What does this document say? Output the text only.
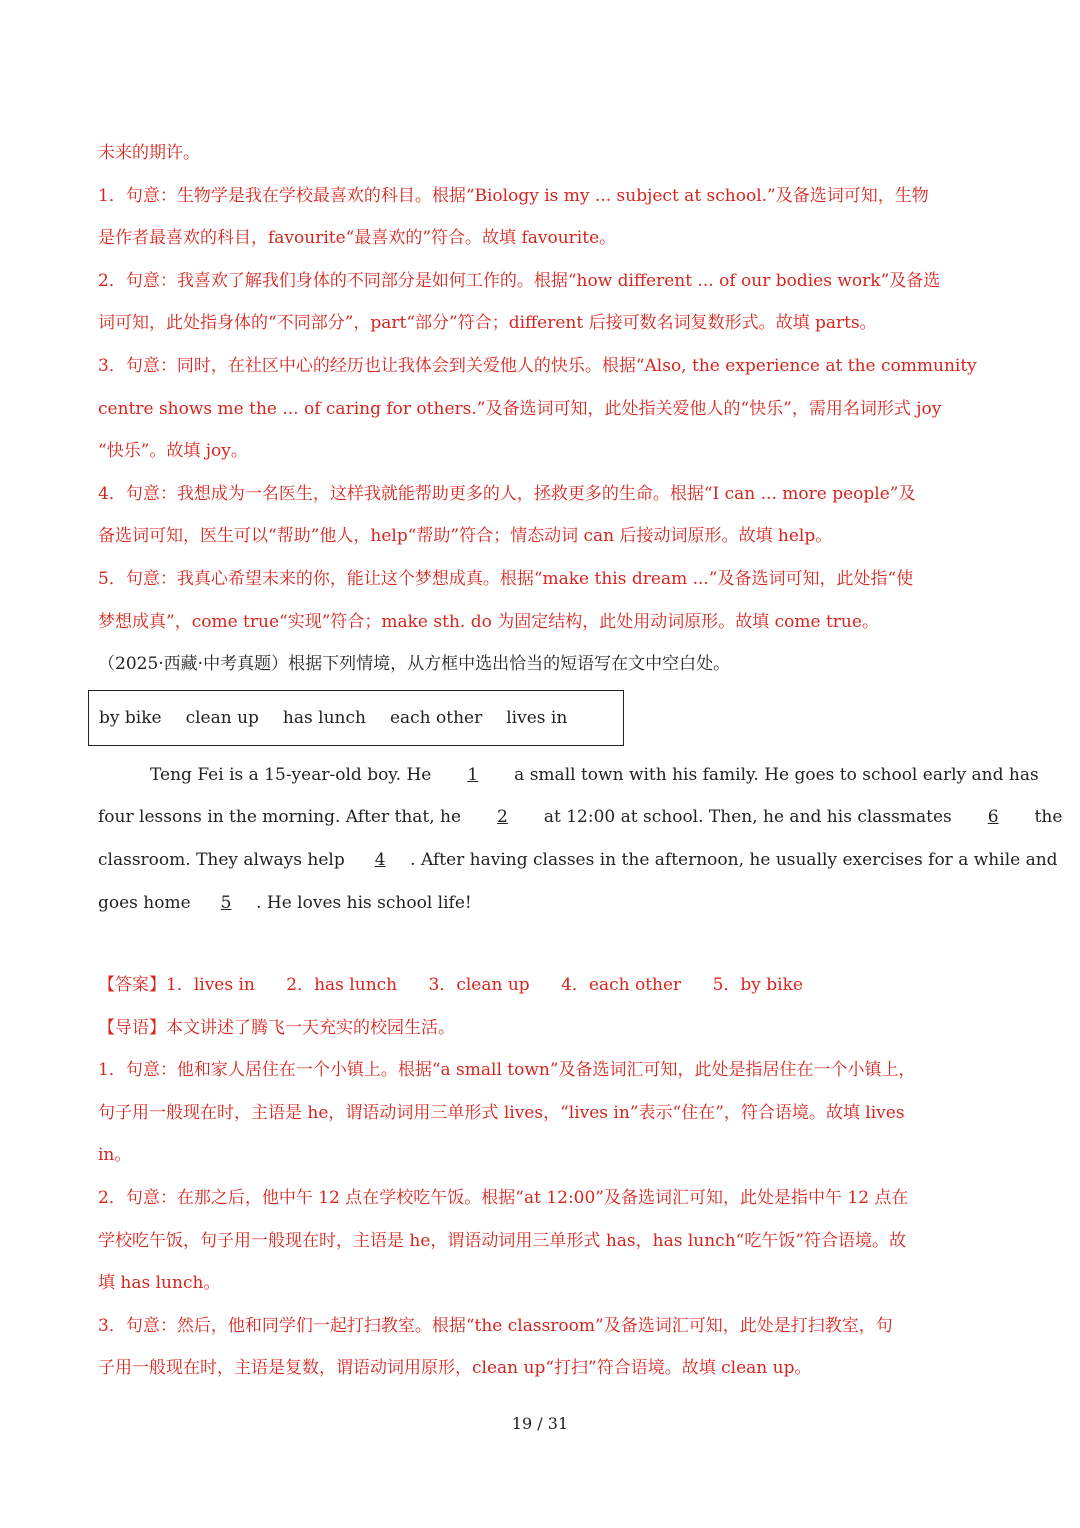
未来的期许。
1．句意：生物学是我在学校最喜欢的科目。根据“Biology is my ... subject at school.”及备选词可知，生物
是作者最喜欢的科目，favourite“最喜欢的”符合。故填 favourite。
2．句意：我喜欢了解我们身体的不同部分是如何工作的。根据“how different ... of our bodies work”及备选
词可知，此处指身体的“不同部分”，part“部分”符合；different 后接可数名词复数形式。故填 parts。
3．句意：同时，在社区中心的经历也让我体会到关爱他人的快乐。根据“Also, the experience at the community
centre shows me the ... of caring for others.”及备选词可知，此处指关爱他人的“快乐”，需用名词形式 joy
“快乐”。故填 joy。
4．句意：我想成为一名医生，这样我就能帮助更多的人，拯救更多的生命。根据“I can ... more people”及
备选词可知，医生可以“帮助”他人，help“帮助”符合；情态动词 can 后接动词原形。故填 help。
5．句意：我真心希望未来的你，能让这个梦想成真。根据“make this dream ...”及备选词可知，此处指“使
梦想成真”，come true“实现”符合；make sth. do 为固定结构，此处用动词原形。故填 come true。
（2025·西藏·中考真题）根据下列情境，从方框中选出恰当的短语写在文中空白处。
by bike clean up has lunch each other lives in
Teng Fei is a 15-year-old boy. He 1 a small town with his family. He goes to school early and has
four lessons in the morning. After that, he 2 at 12:00 at school. Then, he and his classmates 6 the
classroom. They always help 4 . After having classes in the afternoon, he usually exercises for a while and
goes home 5 . He loves his school life!
【答案】1．lives in 2．has lunch 3．clean up 4．each other 5．by bike
【导语】本文讲述了腾飞一天充实的校园生活。
1．句意：他和家人居住在一个小镇上。根据“a small town”及备选词汇可知，此处是指居住在一个小镇上，
句子用一般现在时，主语是 he，谓语动词用三单形式 lives，“lives in”表示“住在”，符合语境。故填 lives
in。
2．句意：在那之后，他中午 12 点在学校吃午饭。根据“at 12:00”及备选词汇可知，此处是指中午 12 点在
学校吃午饭，句子用一般现在时，主语是 he，谓语动词用三单形式 has，has lunch“吃午饭”符合语境。故
填 has lunch。
3．句意：然后，他和同学们一起打扫教室。根据“the classroom”及备选词汇可知，此处是打扫教室，句
子用一般现在时，主语是复数，谓语动词用原形，clean up“打扫”符合语境。故填 clean up。
19 / 31
